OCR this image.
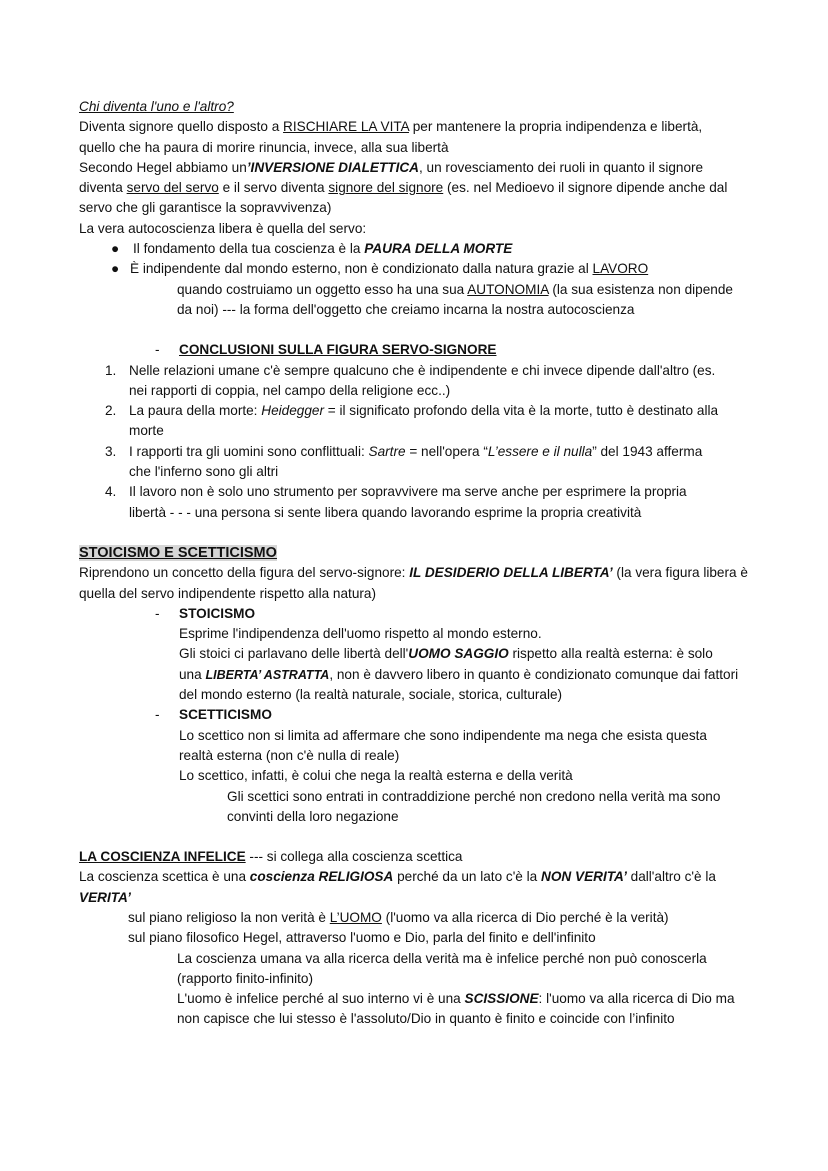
Chi diventa l'uno e l'altro?
Diventa signore quello disposto a RISCHIARE LA VITA per mantenere la propria indipendenza e libertà,
quello che ha paura di morire rinuncia, invece, alla sua libertà
Secondo Hegel abbiamo un’INVERSIONE DIALETTICA, un rovesciamento dei ruoli in quanto il signore
diventa servo del servo e il servo diventa signore del signore (es. nel Medioevo il signore dipende anche dal
servo che gli garantisce la sopravvivenza)
La vera autocoscienza libera è quella del servo:
● Il fondamento della tua coscienza è la PAURA DELLA MORTE
● È indipendente dal mondo esterno, non è condizionato dalla natura grazie al LAVORO
quando costruiamo un oggetto esso ha una sua AUTONOMIA (la sua esistenza non dipende
da noi) --- la forma dell'oggetto che creiamo incarna la nostra autocoscienza
- CONCLUSIONI SULLA FIGURA SERVO-SIGNORE
1. Nelle relazioni umane c'è sempre qualcuno che è indipendente e chi invece dipende dall'altro (es.
nei rapporti di coppia, nel campo della religione ecc..)
2. La paura della morte: Heidegger = il significato profondo della vita è la morte, tutto è destinato alla
morte
3. I rapporti tra gli uomini sono conflittuali: Sartre = nell'opera “L’essere e il nulla” del 1943 afferma
che l'inferno sono gli altri
4. Il lavoro non è solo uno strumento per sopravvivere ma serve anche per esprimere la propria
libertà - - - una persona si sente libera quando lavorando esprime la propria creatività
STOICISMO E SCETTICISMO
Riprendono un concetto della figura del servo-signore: IL DESIDERIO DELLA LIBERTA’ (la vera figura libera è
quella del servo indipendente rispetto alla natura)
- STOICISMO
Esprime l'indipendenza dell'uomo rispetto al mondo esterno.
Gli stoici ci parlavano delle libertà dell'UOMO SAGGIO rispetto alla realtà esterna: è solo
una LIBERTA’ ASTRATTA, non è davvero libero in quanto è condizionato comunque dai fattori
del mondo esterno (la realtà naturale, sociale, storica, culturale)
- SCETTICISMO
Lo scettico non si limita ad affermare che sono indipendente ma nega che esista questa
realtà esterna (non c'è nulla di reale)
Lo scettico, infatti, è colui che nega la realtà esterna e della verità
Gli scettici sono entrati in contraddizione perché non credono nella verità ma sono
convinti della loro negazione
LA COSCIENZA INFELICE --- si collega alla coscienza scettica
La coscienza scettica è una coscienza RELIGIOSA perché da un lato c'è la NON VERITA’ dall'altro c'è la
VERITA’
sul piano religioso la non verità è L’UOMO (l'uomo va alla ricerca di Dio perché è la verità)
sul piano filosofico Hegel, attraverso l'uomo e Dio, parla del finito e dell'infinito
La coscienza umana va alla ricerca della verità ma è infelice perché non può conoscerla
(rapporto finito-infinito)
L'uomo è infelice perché al suo interno vi è una SCISSIONE: l'uomo va alla ricerca di Dio ma
non capisce che lui stesso è l'assoluto/Dio in quanto è finito e coincide con l’infinito
